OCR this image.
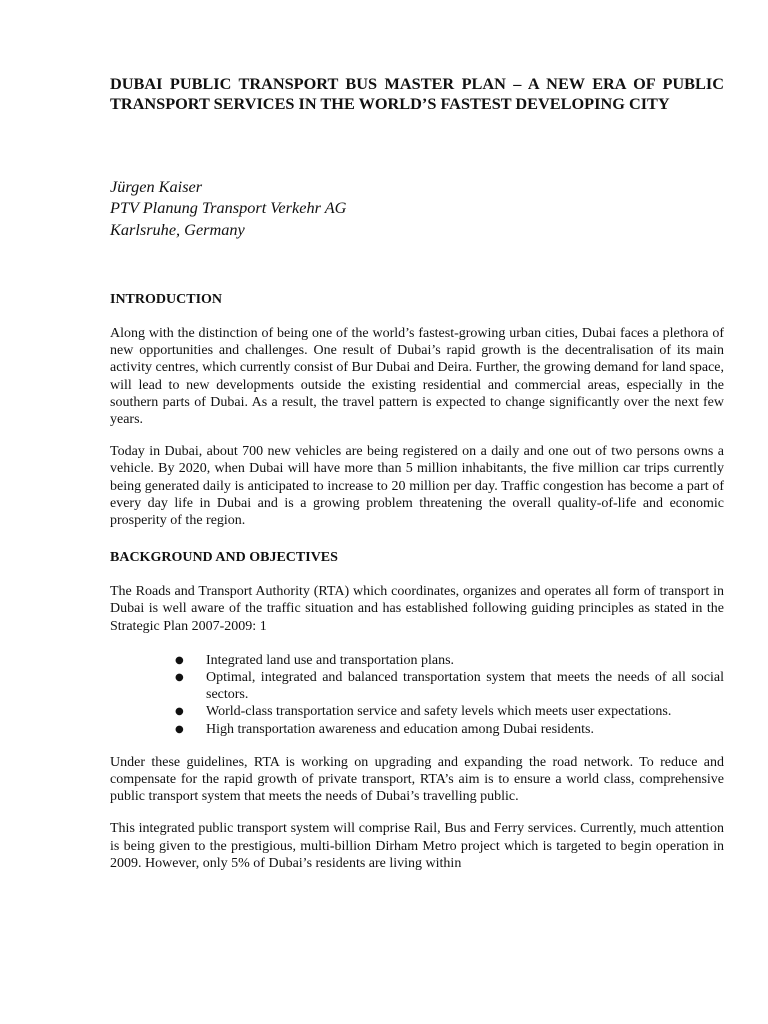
DUBAI PUBLIC TRANSPORT BUS MASTER PLAN – A NEW ERA OF PUBLIC TRANSPORT SERVICES IN THE WORLD’S FASTEST DEVELOPING CITY
Jürgen Kaiser
PTV Planung Transport Verkehr AG
Karlsruhe, Germany
INTRODUCTION

Along with the distinction of being one of the world’s fastest-growing urban cities, Dubai faces a plethora of new opportunities and challenges. One result of Dubai’s rapid growth is the decentralisation of its main activity centres, which currently consist of Bur Dubai and Deira. Further, the growing demand for land space, will lead to new developments outside the existing residential and commercial areas, especially in the southern parts of Dubai. As a result, the travel pattern is expected to change significantly over the next few years.

Today in Dubai, about 700 new vehicles are being registered on a daily and one out of two persons owns a vehicle. By 2020, when Dubai will have more than 5 million inhabitants, the five million car trips currently being generated daily is anticipated to increase to 20 million per day. Traffic congestion has become a part of every day life in Dubai and is a growing problem threatening the overall quality-of-life and economic prosperity of the region.

BACKGROUND AND OBJECTIVES

The Roads and Transport Authority (RTA) which coordinates, organizes and operates all form of transport in Dubai is well aware of the traffic situation and has established following guiding principles as stated in the Strategic Plan 2007-2009: 1

● Integrated land use and transportation plans.
● Optimal, integrated and balanced transportation system that meets the needs of all social sectors.
● World-class transportation service and safety levels which meets user expectations.
● High transportation awareness and education among Dubai residents.

Under these guidelines, RTA is working on upgrading and expanding the road network. To reduce and compensate for the rapid growth of private transport, RTA’s aim is to ensure a world class, comprehensive public transport system that meets the needs of Dubai’s travelling public.

This integrated public transport system will comprise Rail, Bus and Ferry services. Currently, much attention is being given to the prestigious, multi-billion Dirham Metro project which is targeted to begin operation in 2009. However, only 5% of Dubai’s residents are living within
